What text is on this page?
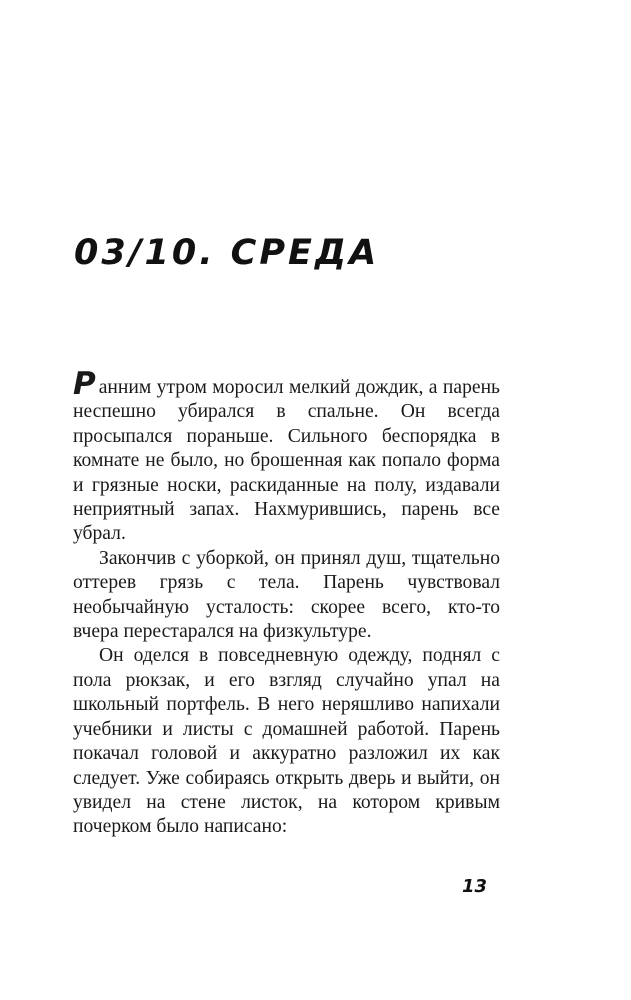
03/10. СРЕДА

Ранним утром моросил мелкий дождик, а парень неспешно убирался в спальне. Он всегда просыпался пораньше. Сильного беспорядка в комнате не было, но брошенная как попало форма и грязные носки, раскиданные на полу, издавали неприятный запах. Нахмурившись, парень все убрал.

Закончив с уборкой, он принял душ, тщательно оттерев грязь с тела. Парень чувствовал необычайную усталость: скорее всего, кто-то вчера перестарался на физкультуре.

Он оделся в повседневную одежду, поднял с пола рюкзак, и его взгляд случайно упал на школьный портфель. В него неряшливо напихали учебники и листы с домашней работой. Парень покачал головой и аккуратно разложил их как следует. Уже собираясь открыть дверь и выйти, он увидел на стене листок, на котором кривым почерком было написано:

13
